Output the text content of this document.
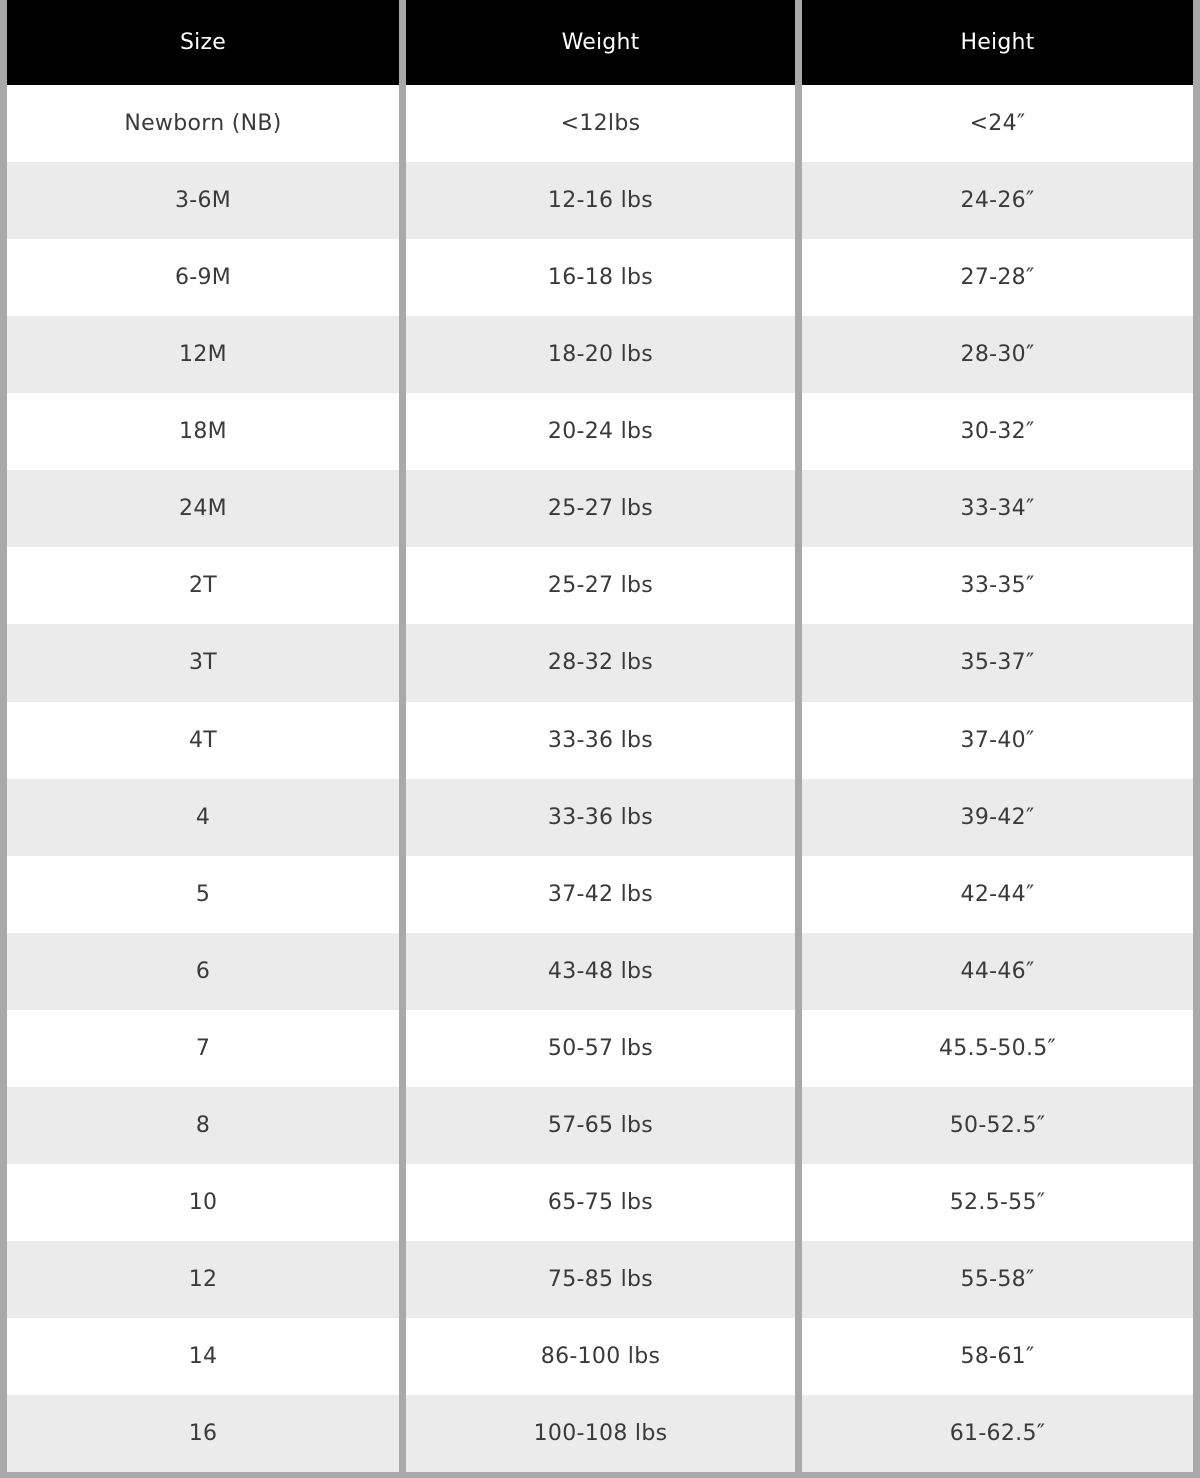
Size
Newborn (NB)
3-6M
6-9M
12M
18M
24M
2T
3T
4T
4
5
6
7
8
10
12
14
16
Weight
<12lbs
12-16 lbs
16-18 lbs
18-20 lbs
20-24 lbs
25-27 lbs
25-27 lbs
28-32 lbs
33-36 lbs
33-36 lbs
37-42 lbs
43-48 lbs
50-57 lbs
57-65 lbs
65-75 lbs
75-85 lbs
86-100 lbs
100-108 lbs
Height
<24″
24-26″
27-28″
28-30″
30-32″
33-34″
33-35″
35-37″
37-40″
39-42″
42-44″
44-46″
45.5-50.5″
50-52.5″
52.5-55″
55-58″
58-61″
61-62.5″
